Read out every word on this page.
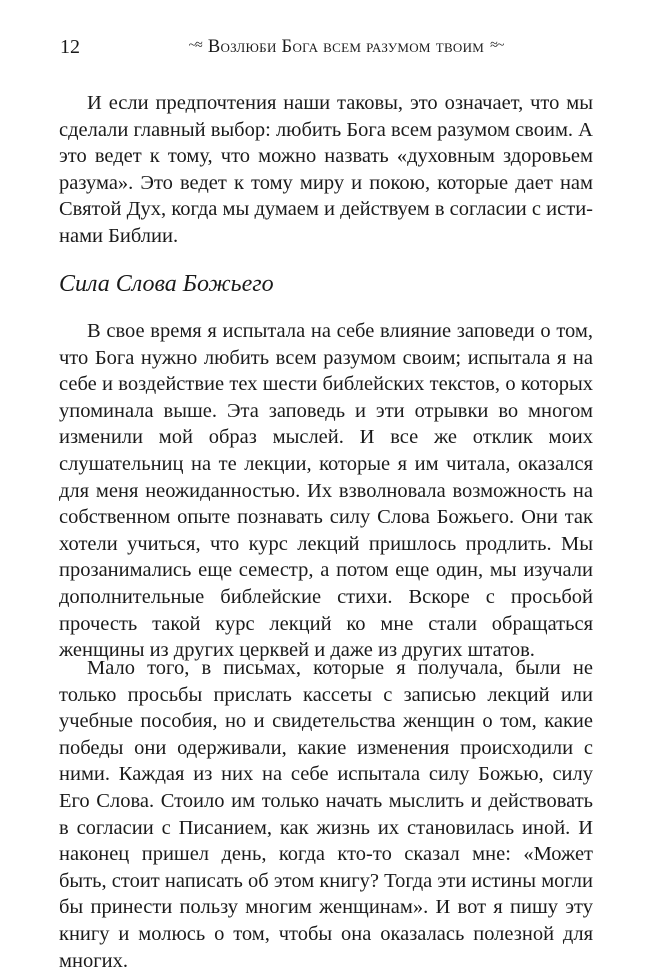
12	~≈ Возлюби Бога всем разумом твоим ≈~

И если предпочтения наши таковы, это означает, что мы сделали главный выбор: любить Бога всем разумом своим. А это ведет к тому, что можно назвать «духовным здоровьем разума». Это ведет к тому миру и покою, которые дает нам Святой Дух, когда мы думаем и действуем в согласии с истинами Библии.

Сила Слова Божьего

В свое время я испытала на себе влияние заповеди о том, что Бога нужно любить всем разумом своим; испытала я на себе и воздействие тех шести библейских текстов, о которых упоминала выше. Эта заповедь и эти отрывки во многом изменили мой образ мыслей. И все же отклик моих слушательниц на те лекции, которые я им читала, оказался для меня неожиданностью. Их взволновала возможность на собственном опыте познавать силу Слова Божьего. Они так хотели учиться, что курс лекций пришлось продлить. Мы прозанимались еще семестр, а потом еще один, мы изучали дополнительные библейские стихи. Вскоре с просьбой прочесть такой курс лекций ко мне стали обращаться женщины из других церквей и даже из других штатов.

Мало того, в письмах, которые я получала, были не только просьбы прислать кассеты с записью лекций или учебные пособия, но и свидетельства женщин о том, какие победы они одерживали, какие изменения происходили с ними. Каждая из них на себе испытала силу Божью, силу Его Слова. Стоило им только начать мыслить и действовать в согласии с Писанием, как жизнь их становилась иной. И наконец пришел день, когда кто-то сказал мне: «Может быть, стоит написать об этом книгу? Тогда эти истины могли бы принести пользу многим женщинам». И вот я пишу эту книгу и молюсь о том, чтобы она оказалась полезной для многих.
